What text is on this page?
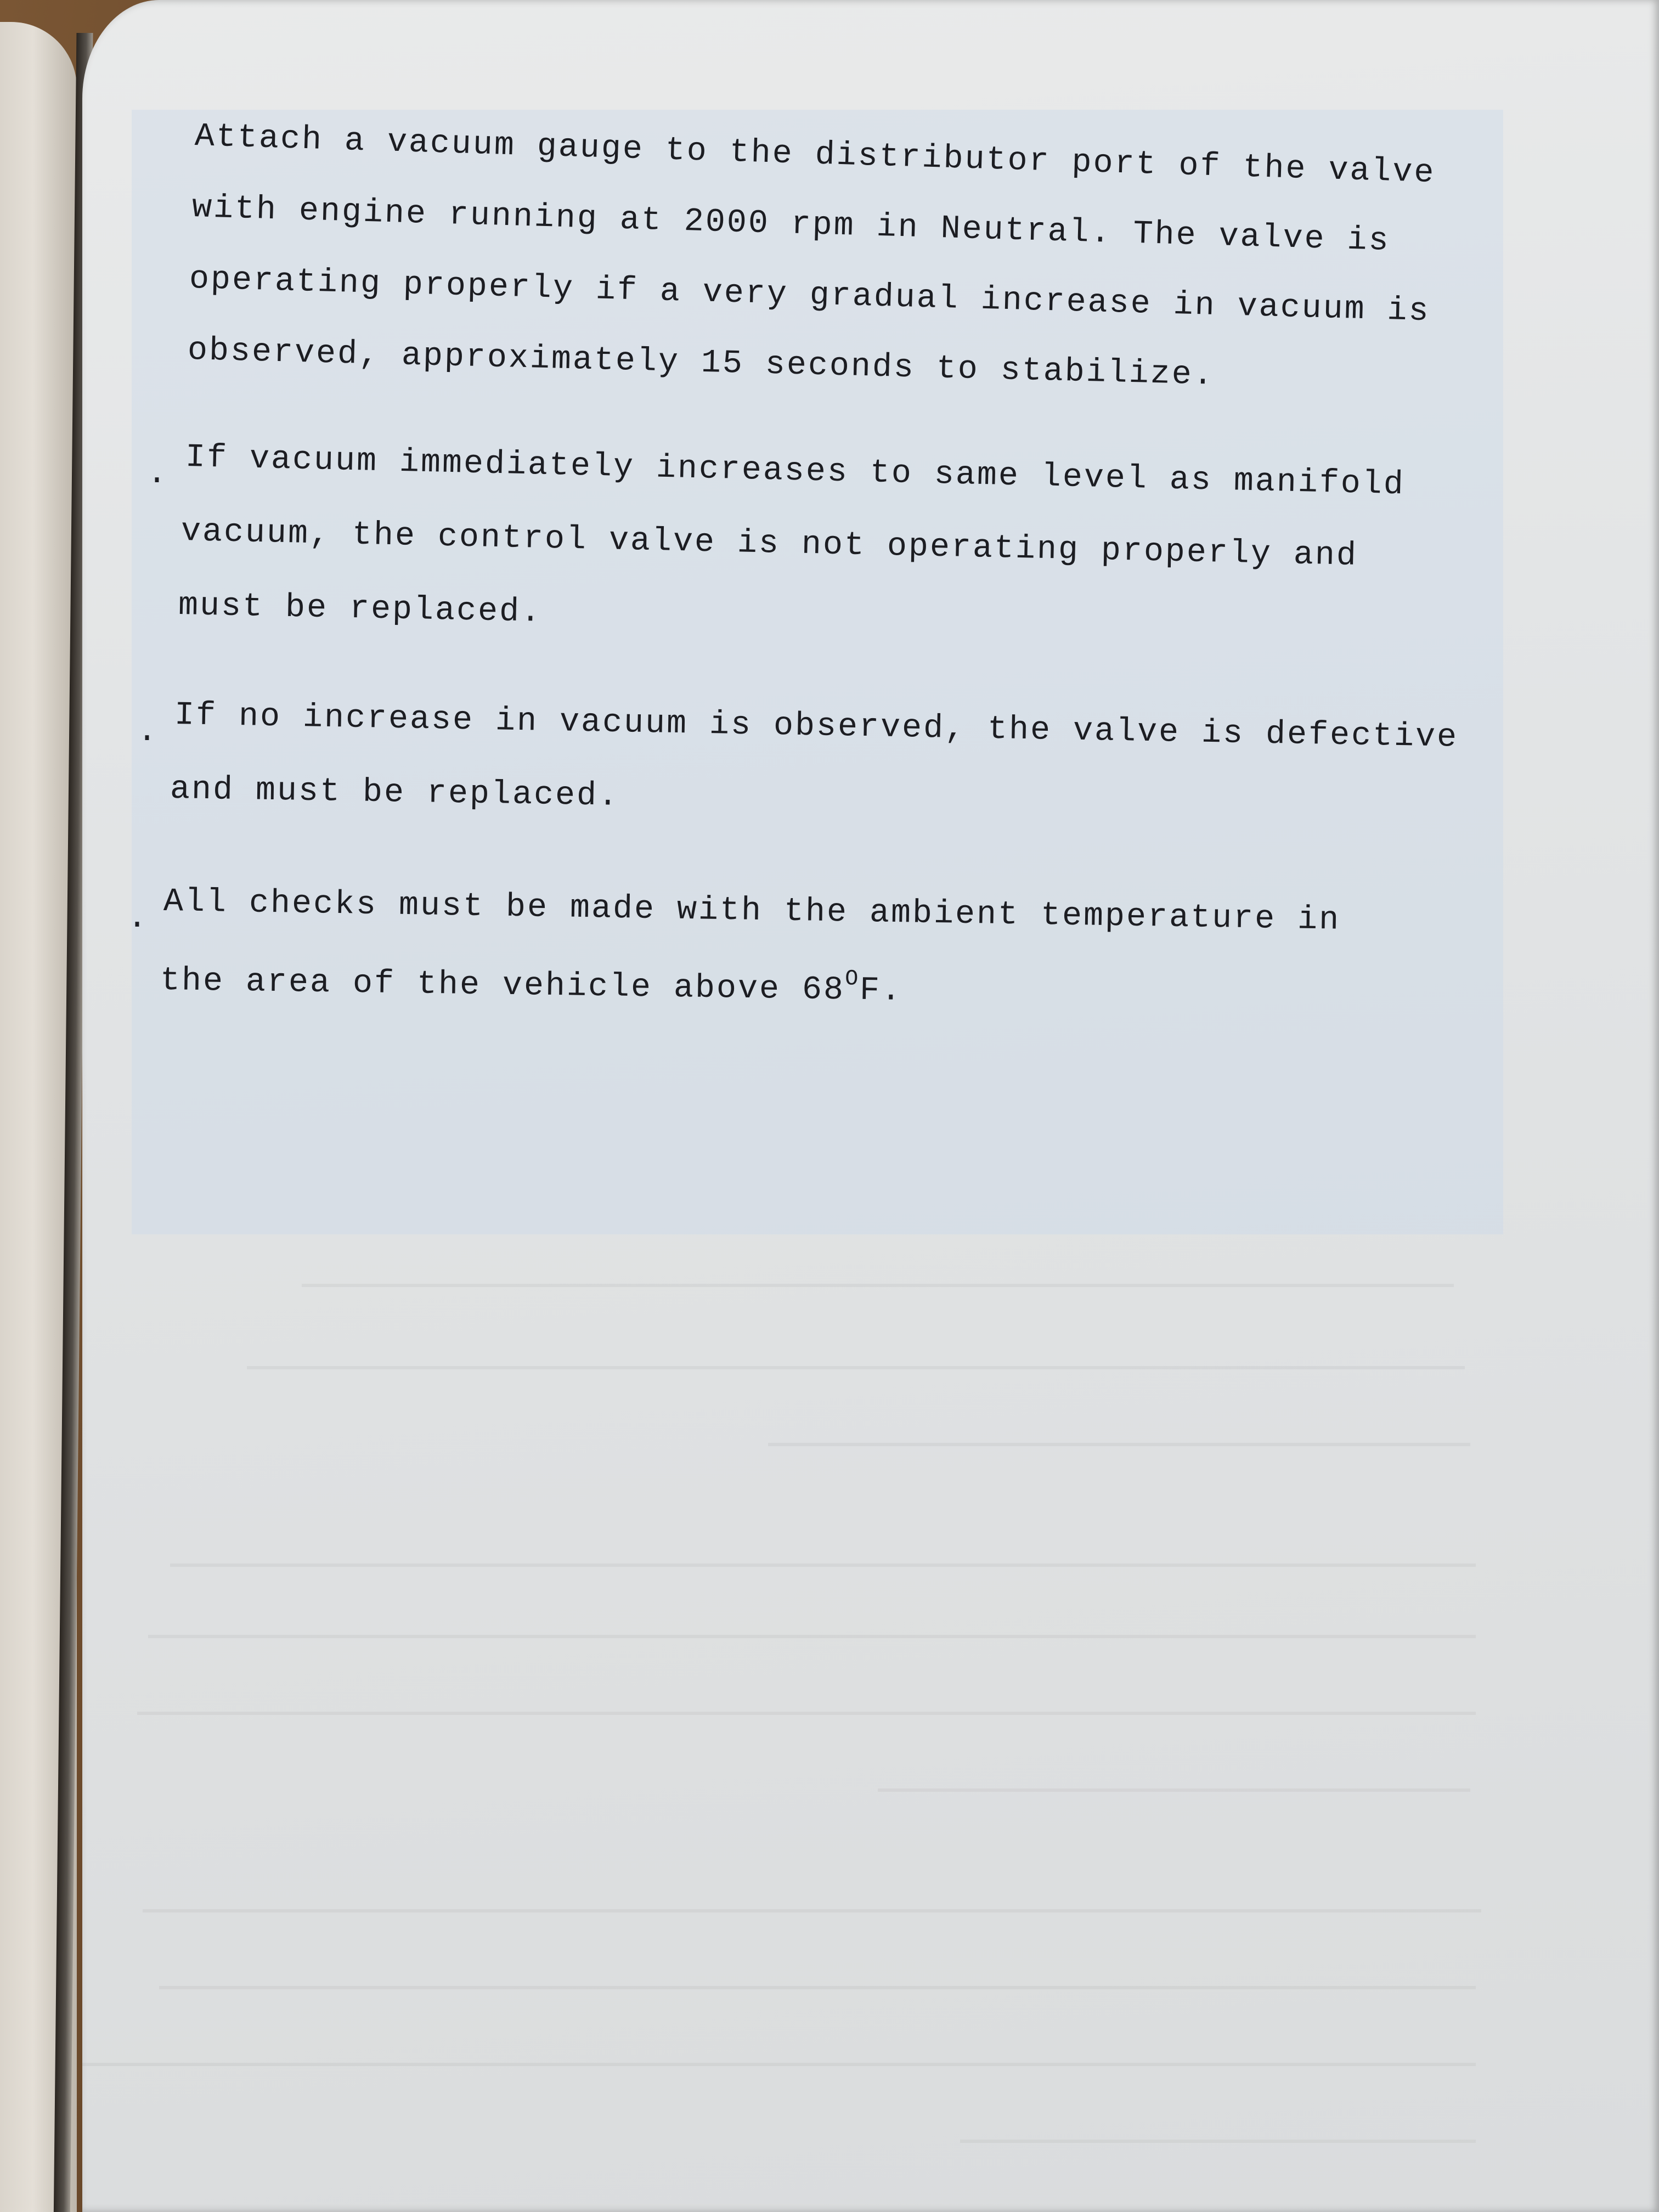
Attach a vacuum gauge to the distributor port of the valve
with engine running at 2000 rpm in Neutral. The valve is
operating properly if a very gradual increase in vacuum is
observed, approximately 15 seconds to stabilize.
. If vacuum immediately increases to same level as manifold
vacuum, the control valve is not operating properly and
must be replaced.
. If no increase in vacuum is observed, the valve is defective
and must be replaced.
. All checks must be made with the ambient temperature in
the area of the vehicle above $68^OF$.
